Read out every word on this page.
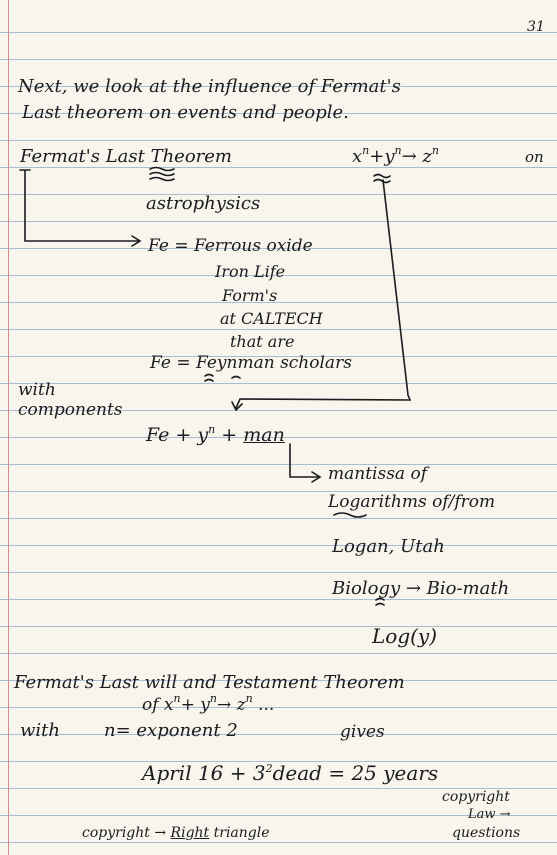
31
Next, we look at the influence of Fermat's
Last theorem on events and people.
Fermat's Last Theorem	$x^n+y^n\to z^n$	on
astrophysics
Fe = Ferrous oxide
Iron Life
Form's
at CALTECH
that are
Fe = Feynman scholars
with
components
$Fe + y^n$ + man
mantissa of
Logarithms of/from
Logan, Utah
Biology → Bio-math
Log(y)
Fermat's Last will and Testament Theorem
of $x^n+ y^n\to z^n$ ...
with n= exponent 2	gives
April $16 + 3^2dead = 25$ years
copyright
Law →
questions
copyright → Right triangle
